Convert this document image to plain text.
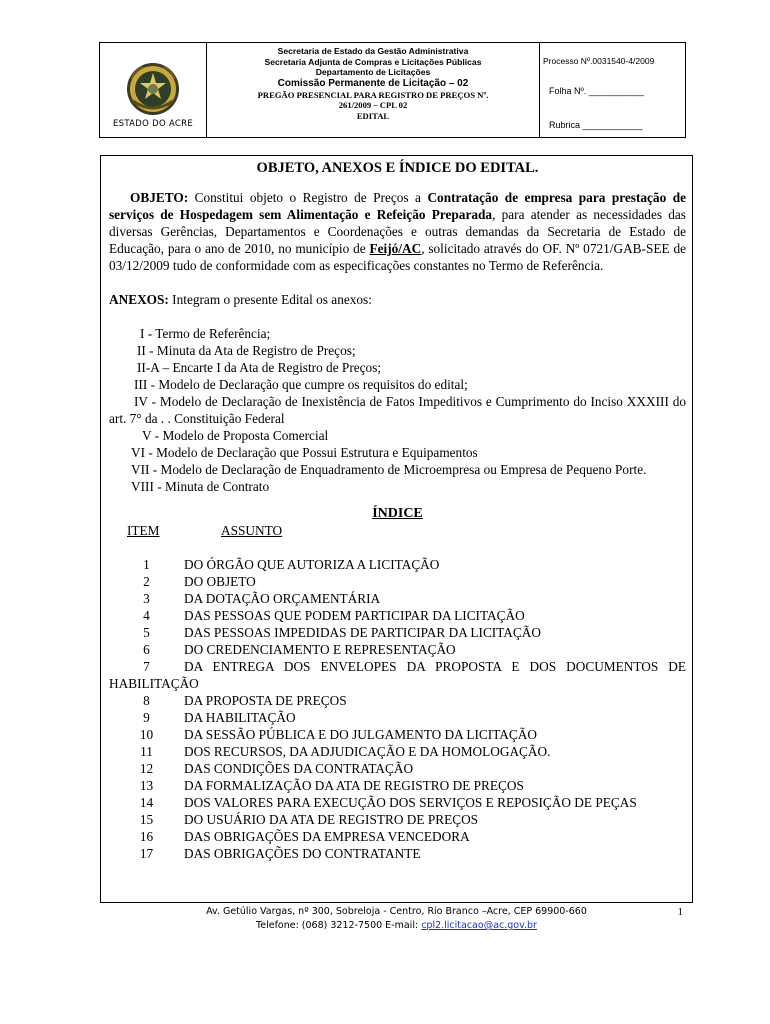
ESTADO DO ACRE
Secretaria de Estado da Gestão Administrativa
Secretaria Adjunta de Compras e Licitações Públicas
Departamento de Licitações
Comissão Permanente de Licitação – 02
PREGÃO PRESENCIAL PARA REGISTRO DE PREÇOS Nº.
261/2009 – CPL 02
EDITAL
Processo Nº.0031540-4/2009
Folha Nº. ___________
Rubrica ____________
OBJETO, ANEXOS E ÍNDICE DO EDITAL.
OBJETO: Constitui objeto o Registro de Preços a Contratação de empresa para prestação de serviços de Hospedagem sem Alimentação e Refeição Preparada, para atender as necessidades das diversas Gerências, Departamentos e Coordenações e outras demandas da Secretaria de Estado de Educação, para o ano de 2010, no município de Feijó/AC, solicitado através do OF. Nº 0721/GAB-SEE de 03/12/2009 tudo de conformidade com as especificações constantes no Termo de Referência.
ANEXOS: Integram o presente Edital os anexos:
I - Termo de Referência;
II - Minuta da Ata de Registro de Preços;
II-A – Encarte I da Ata de Registro de Preços;
III - Modelo de Declaração que cumpre os requisitos do edital;
IV - Modelo de Declaração de Inexistência de Fatos Impeditivos e Cumprimento do Inciso XXXIII do art. 7° da . . Constituição Federal
V - Modelo de Proposta Comercial
VI - Modelo de Declaração que Possui Estrutura e Equipamentos
VII - Modelo de Declaração de Enquadramento de Microempresa ou Empresa de Pequeno Porte.
VIII - Minuta de Contrato
ÍNDICE
ITEM	ASSUNTO
1	DO ÓRGÃO QUE AUTORIZA A LICITAÇÃO
2	DO OBJETO
3	DA DOTAÇÃO ORÇAMENTÁRIA
4	DAS PESSOAS QUE PODEM PARTICIPAR DA LICITAÇÃO
5	DAS PESSOAS IMPEDIDAS DE PARTICIPAR DA LICITAÇÃO
6	DO CREDENCIAMENTO E REPRESENTAÇÃO
7	DA ENTREGA DOS ENVELOPES DA PROPOSTA E DOS DOCUMENTOS DE
HABILITAÇÃO
8	DA PROPOSTA DE PREÇOS
9	DA HABILITAÇÃO
10	DA SESSÃO PÚBLICA E DO JULGAMENTO DA LICITAÇÃO
11	DOS RECURSOS, DA ADJUDICAÇÃO E DA HOMOLOGAÇÃO.
12	DAS CONDIÇÕES DA CONTRATAÇÃO
13	DA FORMALIZAÇÃO DA ATA DE REGISTRO DE PREÇOS
14	DOS VALORES PARA EXECUÇÃO DOS SERVIÇOS E REPOSIÇÃO DE PEÇAS
15	DO USUÁRIO DA ATA DE REGISTRO DE PREÇOS
16	DAS OBRIGAÇÕES DA EMPRESA VENCEDORA
17	DAS OBRIGAÇÕES DO CONTRATANTE
Av. Getúlio Vargas, nº 300, Sobreloja - Centro, Rio Branco –Acre, CEP 69900-660
Telefone: (068) 3212-7500 E-mail: cpl2.licitacao@ac.gov.br
1
